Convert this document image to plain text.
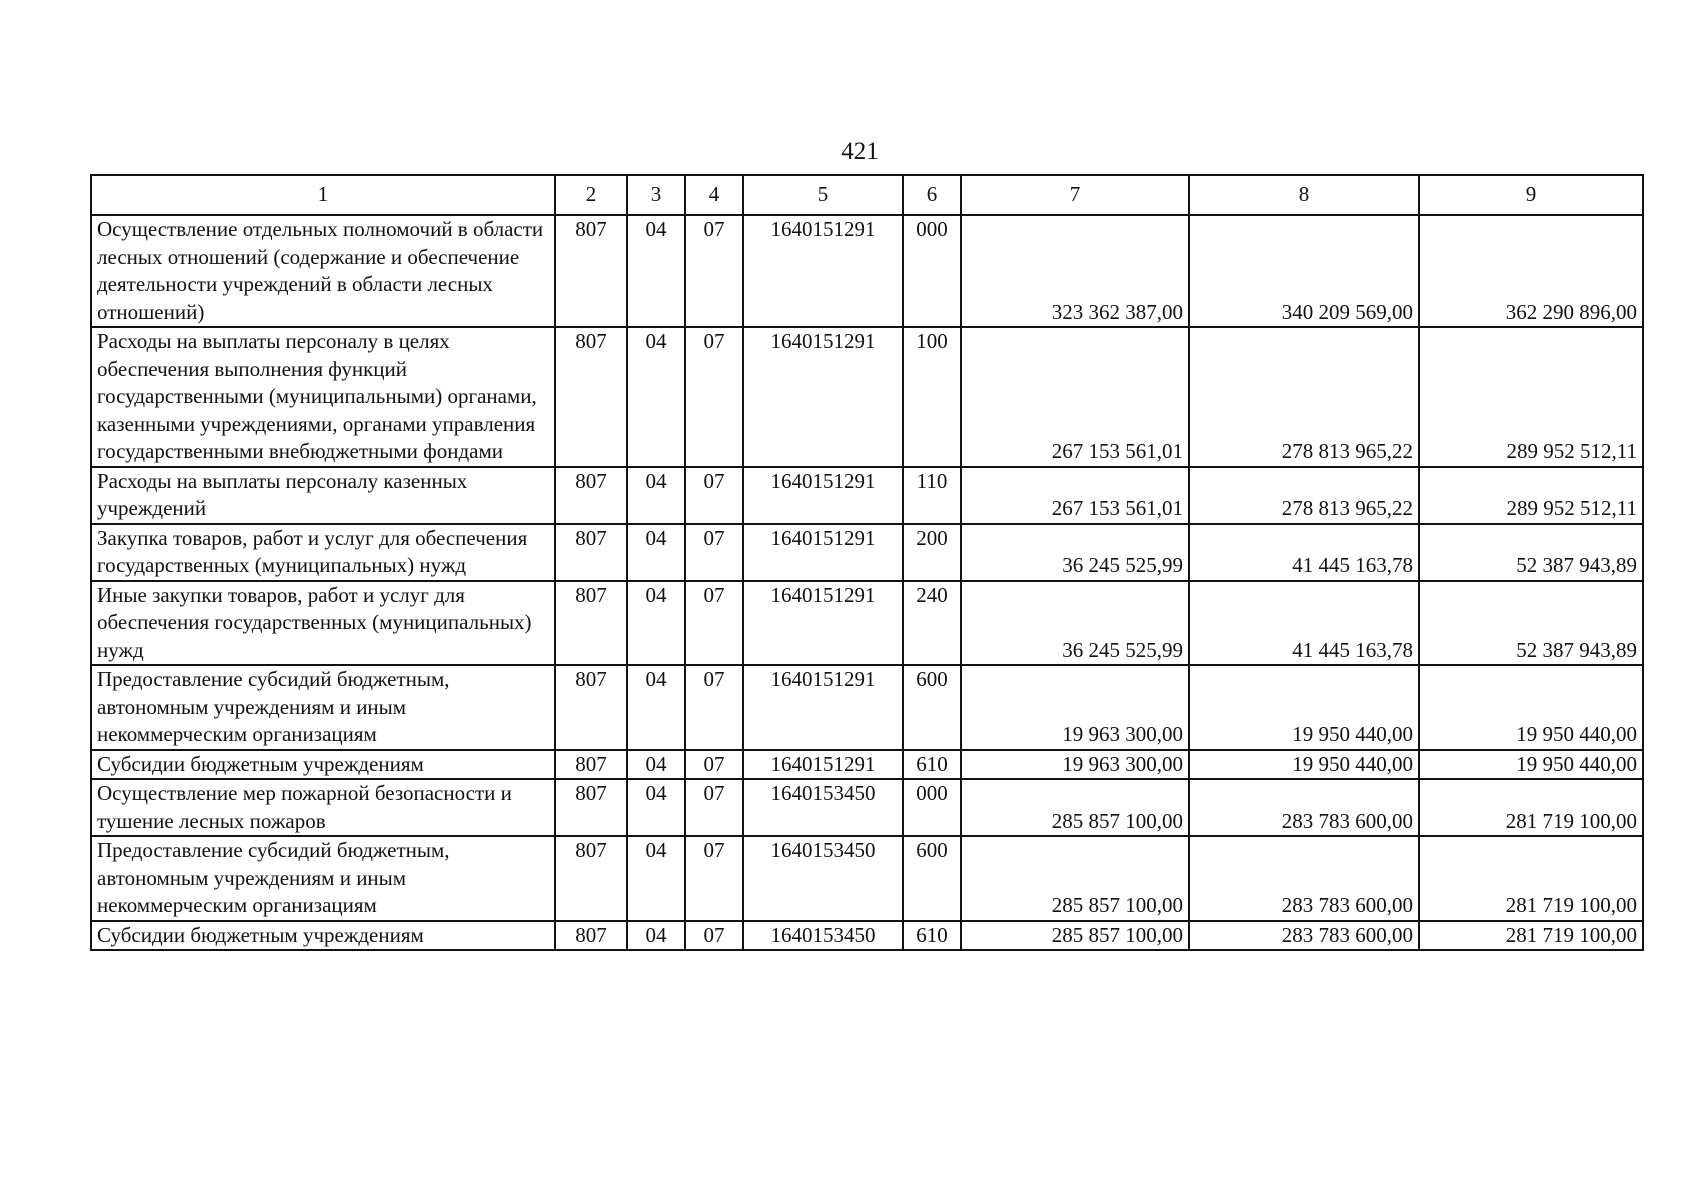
421
1	2	3	4	5	6	7	8	9
Осуществление отдельных полномочий в области лесных отношений (содержание и обеспечение деятельности учреждений в области лесных отношений)	807	04	07	1640151291	000	323 362 387,00	340 209 569,00	362 290 896,00
Расходы на выплаты персоналу в целях обеспечения выполнения функций государственными (муниципальными) органами, казенными учреждениями, органами управления государственными внебюджетными фондами	807	04	07	1640151291	100	267 153 561,01	278 813 965,22	289 952 512,11
Расходы на выплаты персоналу казенных учреждений	807	04	07	1640151291	110	267 153 561,01	278 813 965,22	289 952 512,11
Закупка товаров, работ и услуг для обеспечения государственных (муниципальных) нужд	807	04	07	1640151291	200	36 245 525,99	41 445 163,78	52 387 943,89
Иные закупки товаров, работ и услуг для обеспечения государственных (муниципальных) нужд	807	04	07	1640151291	240	36 245 525,99	41 445 163,78	52 387 943,89
Предоставление субсидий бюджетным, автономным учреждениям и иным некоммерческим организациям	807	04	07	1640151291	600	19 963 300,00	19 950 440,00	19 950 440,00
Субсидии бюджетным учреждениям	807	04	07	1640151291	610	19 963 300,00	19 950 440,00	19 950 440,00
Осуществление мер пожарной безопасности и тушение лесных пожаров	807	04	07	1640153450	000	285 857 100,00	283 783 600,00	281 719 100,00
Предоставление субсидий бюджетным, автономным учреждениям и иным некоммерческим организациям	807	04	07	1640153450	600	285 857 100,00	283 783 600,00	281 719 100,00
Субсидии бюджетным учреждениям	807	04	07	1640153450	610	285 857 100,00	283 783 600,00	281 719 100,00
